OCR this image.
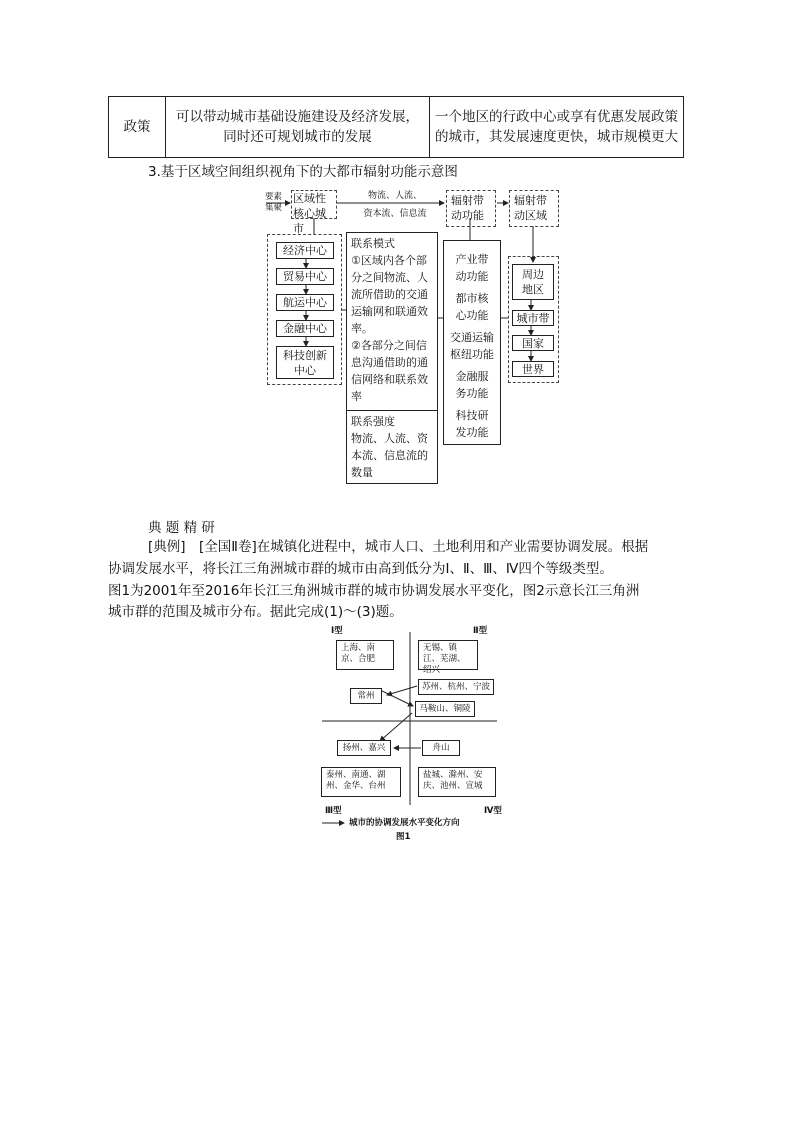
政策	可以带动城市基础设施建设及经济发展，同时还可规划城市的发展	一个地区的行政中心或享有优惠发展政策的城市，其发展速度更快，城市规模更大
3.基于区域空间组织视角下的大都市辐射功能示意图
要素
集聚
区域性核心城市
物流、人流、
资本流、信息流
辐射带动功能
辐射带动区域
经济中心
贸易中心
航运中心
金融中心
科技创新中心
联系模式
①区域内各个部分之间物流、人流所借助的交通运输网和联通效率。
②各部分之间信息沟通借助的通信网络和联系效率
联系强度
物流、人流、资本流、信息流的数量
产业带动功能
都市核心功能
交通运输枢纽功能
金融服务功能
科技研发功能
周边地区
城市带
国家
世界
典 题 精 研
[典例]　[全国Ⅱ卷]在城镇化进程中，城市人口、土地利用和产业需要协调发展。根据
协调发展水平，将长江三角洲城市群的城市由高到低分为Ⅰ、Ⅱ、Ⅲ、Ⅳ四个等级类型。
图1为2001年至2016年长江三角洲城市群的城市协调发展水平变化，图2示意长江三角洲
城市群的范围及城市分布。据此完成(1)～(3)题。
Ⅰ型	Ⅱ型
Ⅲ型	Ⅳ型
上海、南京、合肥
无锡、镇江、芜湖、绍兴
常州
苏州、杭州、宁波
马鞍山、铜陵
扬州、嘉兴	舟山
泰州、南通、湖州、金华、台州
盐城、滁州、安庆、池州、宣城
城市的协调发展水平变化方向
图1
